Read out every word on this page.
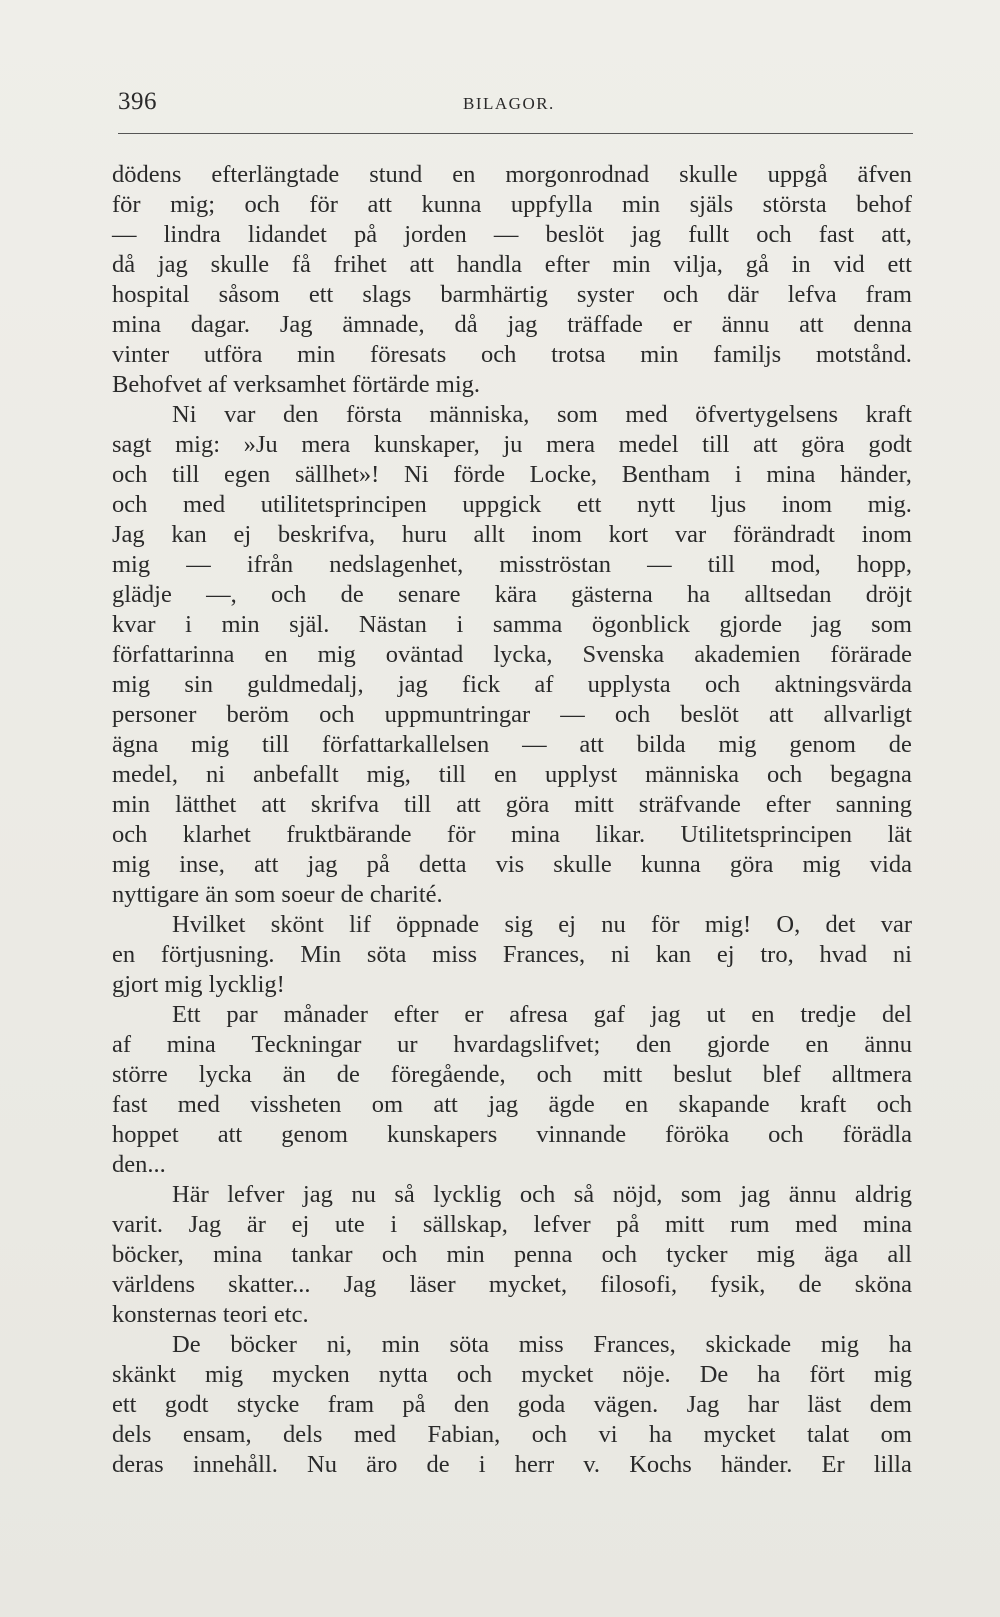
396	BILAGOR.
dödens efterlängtade stund en morgonrodnad skulle uppgå äfven
för mig; och för att kunna uppfylla min själs största behof
— lindra lidandet på jorden — beslöt jag fullt och fast att,
då jag skulle få frihet att handla efter min vilja, gå in vid ett
hospital såsom ett slags barmhärtig syster och där lefva fram
mina dagar. Jag ämnade, då jag träffade er ännu att denna
vinter utföra min föresats och trotsa min familjs motstånd.
Behofvet af verksamhet förtärde mig.
Ni var den första människa, som med öfvertygelsens kraft
sagt mig: »Ju mera kunskaper, ju mera medel till att göra godt
och till egen sällhet»! Ni förde Locke, Bentham i mina händer,
och med utilitetsprincipen uppgick ett nytt ljus inom mig.
Jag kan ej beskrifva, huru allt inom kort var förändradt inom
mig — ifrån nedslagenhet, misströstan — till mod, hopp,
glädje —, och de senare kära gästerna ha alltsedan dröjt
kvar i min själ. Nästan i samma ögonblick gjorde jag som
författarinna en mig oväntad lycka, Svenska akademien förärade
mig sin guldmedalj, jag fick af upplysta och aktningsvärda
personer beröm och uppmuntringar — och beslöt att allvarligt
ägna mig till författarkallelsen — att bilda mig genom de
medel, ni anbefallt mig, till en upplyst människa och begagna
min lätthet att skrifva till att göra mitt sträfvande efter sanning
och klarhet fruktbärande för mina likar. Utilitetsprincipen lät
mig inse, att jag på detta vis skulle kunna göra mig vida
nyttigare än som soeur de charité.
Hvilket skönt lif öppnade sig ej nu för mig! O, det var
en förtjusning. Min söta miss Frances, ni kan ej tro, hvad ni
gjort mig lycklig!
Ett par månader efter er afresa gaf jag ut en tredje del
af mina Teckningar ur hvardagslifvet; den gjorde en ännu
större lycka än de föregående, och mitt beslut blef alltmera
fast med vissheten om att jag ägde en skapande kraft och
hoppet att genom kunskapers vinnande föröka och förädla
den...
Här lefver jag nu så lycklig och så nöjd, som jag ännu aldrig
varit. Jag är ej ute i sällskap, lefver på mitt rum med mina
böcker, mina tankar och min penna och tycker mig äga all
världens skatter... Jag läser mycket, filosofi, fysik, de sköna
konsternas teori etc.
De böcker ni, min söta miss Frances, skickade mig ha
skänkt mig mycken nytta och mycket nöje. De ha fört mig
ett godt stycke fram på den goda vägen. Jag har läst dem
dels ensam, dels med Fabian, och vi ha mycket talat om
deras innehåll. Nu äro de i herr v. Kochs händer. Er lilla
